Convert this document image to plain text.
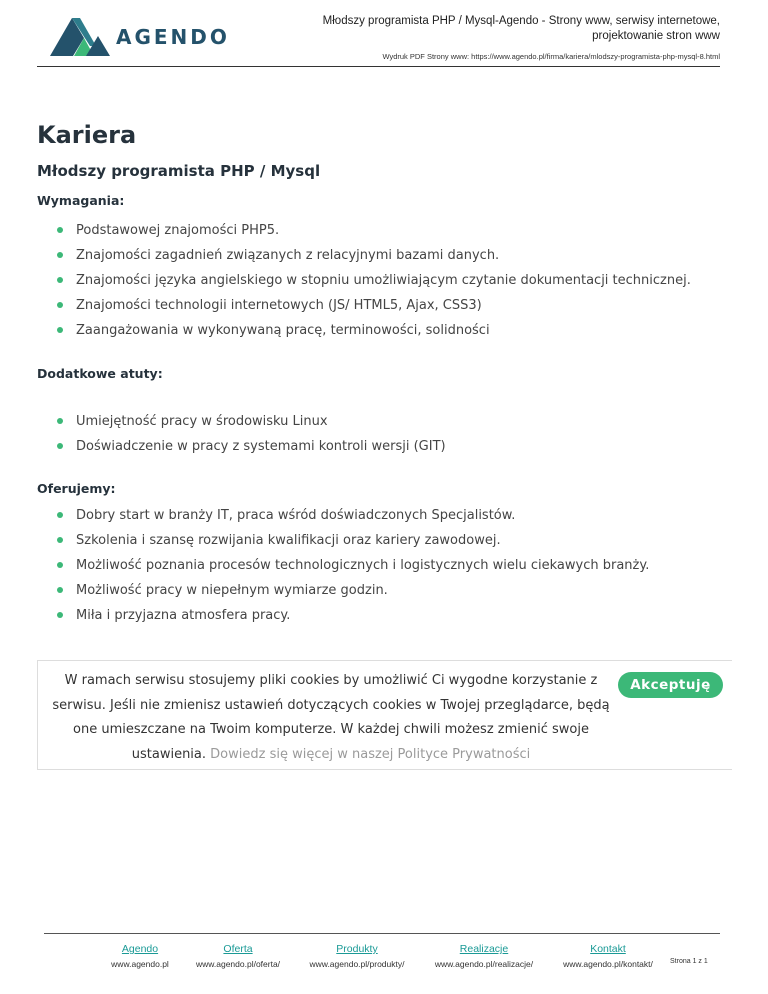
AGENDO
Młodszy programista PHP / Mysql-Agendo - Strony www, serwisy internetowe, projektowanie stron www
Wydruk PDF Strony www: https://www.agendo.pl/firma/kariera/mlodszy-programista-php-mysql-8.html
Kariera
Młodszy programista PHP / Mysql
Wymagania:
Podstawowej znajomości PHP5.
Znajomości zagadnień związanych z relacyjnymi bazami danych.
Znajomości języka angielskiego w stopniu umożliwiającym czytanie dokumentacji technicznej.
Znajomości technologii internetowych (JS/ HTML5, Ajax, CSS3)
Zaangażowania w wykonywaną pracę, terminowości, solidności
Dodatkowe atuty:
Umiejętność pracy w środowisku Linux
Doświadczenie w pracy z systemami kontroli wersji (GIT)
Oferujemy:
Dobry start w branży IT, praca wśród doświadczonych Specjalistów.
Szkolenia i szansę rozwijania kwalifikacji oraz kariery zawodowej.
Możliwość poznania procesów technologicznych i logistycznych wielu ciekawych branży.
Możliwość pracy w niepełnym wymiarze godzin.
Miła i przyjazna atmosfera pracy.
W ramach serwisu stosujemy pliki cookies by umożliwić Ci wygodne korzystanie z serwisu. Jeśli nie zmienisz ustawień dotyczących cookies w Twojej przeglądarce, będą one umieszczane na Twoim komputerze. W każdej chwili możesz zmienić swoje ustawienia. Dowiedz się więcej w naszej Polityce Prywatności
Akceptuję
Agendo
www.agendo.pl
Oferta
www.agendo.pl/oferta/
Produkty
www.agendo.pl/produkty/
Realizacje
www.agendo.pl/realizacje/
Kontakt
www.agendo.pl/kontakt/	Strona 1 z 1
